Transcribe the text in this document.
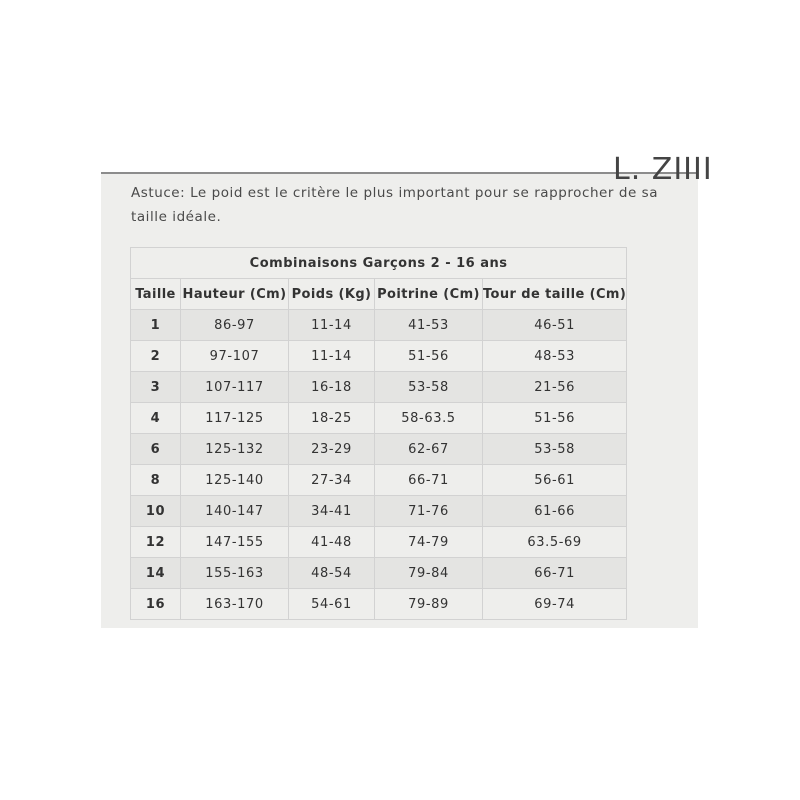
L. ZIIII

Astuce: Le poid est le critère le plus important pour se rapprocher de sa taille idéale.

Combinaisons Garçons 2 - 16 ans				
Taille	Hauteur (Cm)	Poids (Kg)	Poitrine (Cm)	Tour de taille (Cm)
1	86-97	11-14	41-53	46-51
2	97-107	11-14	51-56	48-53
3	107-117	16-18	53-58	21-56
4	117-125	18-25	58-63.5	51-56
6	125-132	23-29	62-67	53-58
8	125-140	27-34	66-71	56-61
10	140-147	34-41	71-76	61-66
12	147-155	41-48	74-79	63.5-69
14	155-163	48-54	79-84	66-71
16	163-170	54-61	79-89	69-74
